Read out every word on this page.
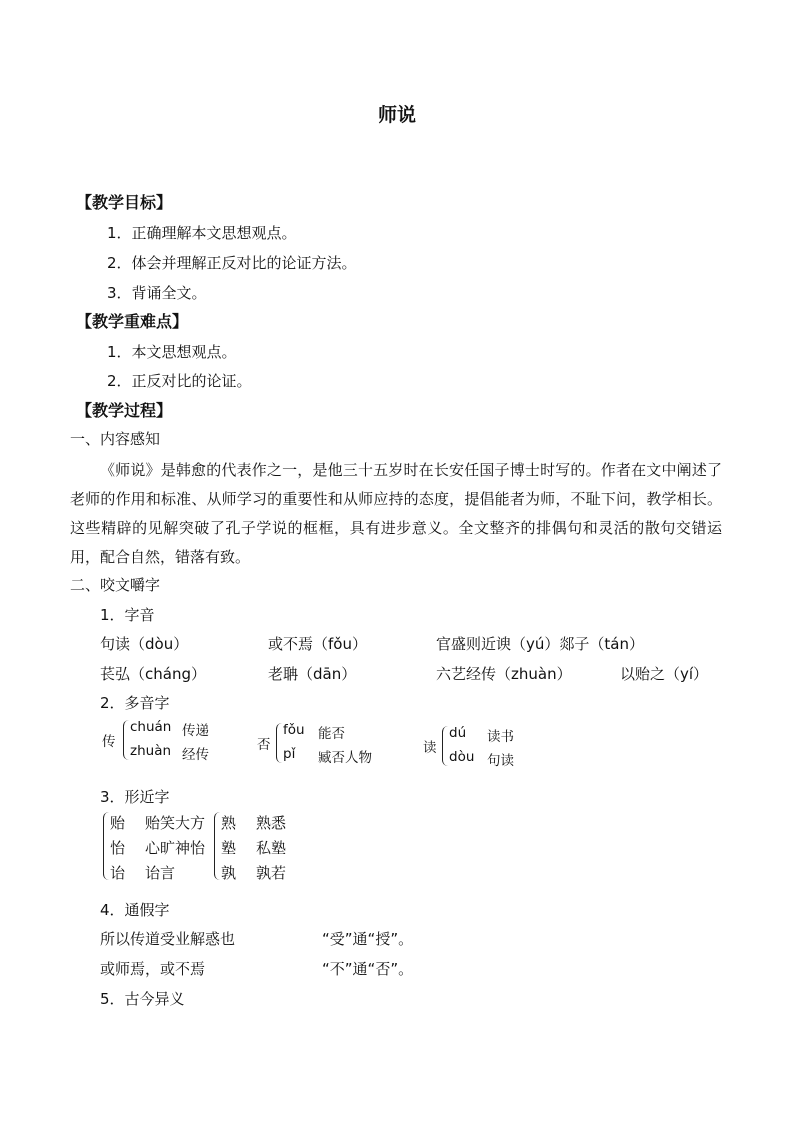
师说
【教学目标】
1．正确理解本文思想观点。
2．体会并理解正反对比的论证方法。
3．背诵全文。
【教学重难点】
1．本文思想观点。
2．正反对比的论证。
【教学过程】
一、内容感知
《师说》是韩愈的代表作之一，是他三十五岁时在长安任国子博士时写的。作者在文中阐述了老师的作用和标准、从师学习的重要性和从师应持的态度，提倡能者为师，不耻下问，教学相长。这些精辟的见解突破了孔子学说的框框，具有进步意义。全文整齐的排偶句和灵活的散句交错运用，配合自然，错落有致。
二、咬文嚼字
1．字音
句读（dòu）	或不焉（fǒu）	官盛则近谀（yú）郯子（tán）
苌弘（cháng）	老聃（dān）	六艺经传（zhuàn）	以贻之（yí）
2．多音字
传
chuán 传递
zhuàn 经传
否
fǒu 能否
pǐ 臧否人物
读
dú 读书
dòu 句读
3．形近字
贻 贻笑大方
怡 心旷神怡
诒 诒言
熟 熟悉
塾 私塾
孰 孰若
4．通假字
所以传道受业解惑也	“受”通“授”。
或师焉，或不焉	“不”通“否”。
5．古今异义
